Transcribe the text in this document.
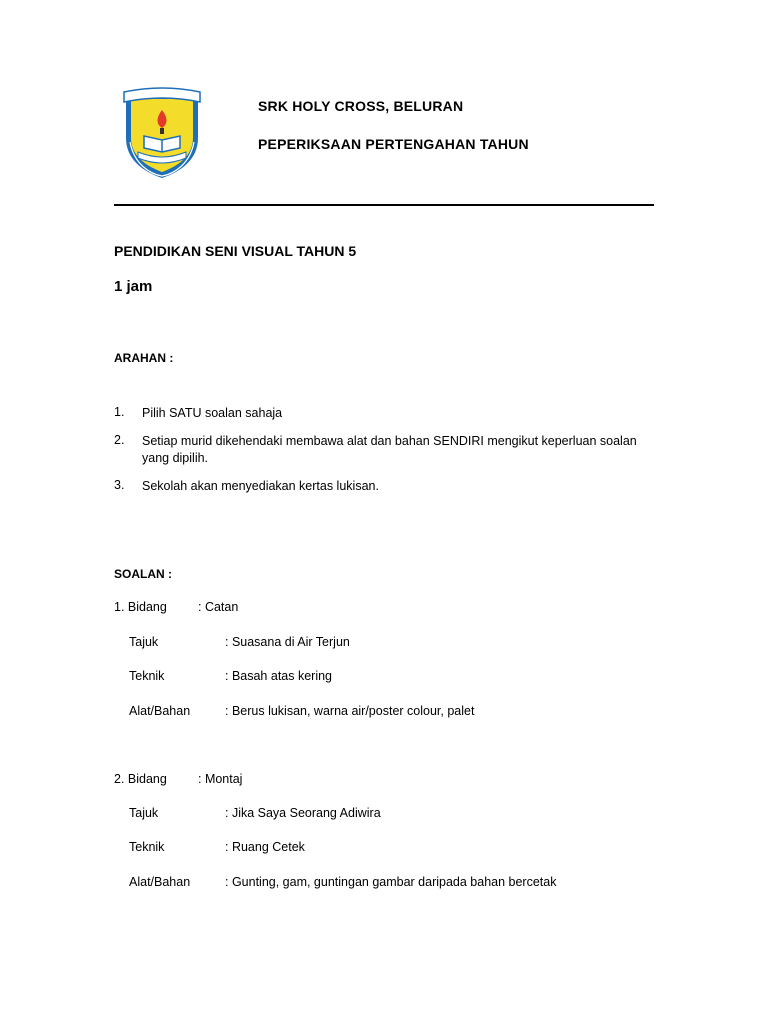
SRK HOLY CROSS, BELURAN
PEPERIKSAAN PERTENGAHAN TAHUN
PENDIDIKAN SENI VISUAL TAHUN 5
1 jam
ARAHAN :
1. Pilih SATU soalan sahaja
2. Setiap murid dikehendaki membawa alat dan bahan SENDIRI mengikut keperluan soalan yang dipilih.
3. Sekolah akan menyediakan kertas lukisan.
SOALAN :
1. Bidang : Catan
Tajuk	: Suasana di Air Terjun
Teknik	: Basah atas kering
Alat/Bahan	: Berus lukisan, warna air/poster colour, palet
2. Bidang : Montaj
Tajuk	: Jika Saya Seorang Adiwira
Teknik	: Ruang Cetek
Alat/Bahan	: Gunting, gam, guntingan gambar daripada bahan bercetak
